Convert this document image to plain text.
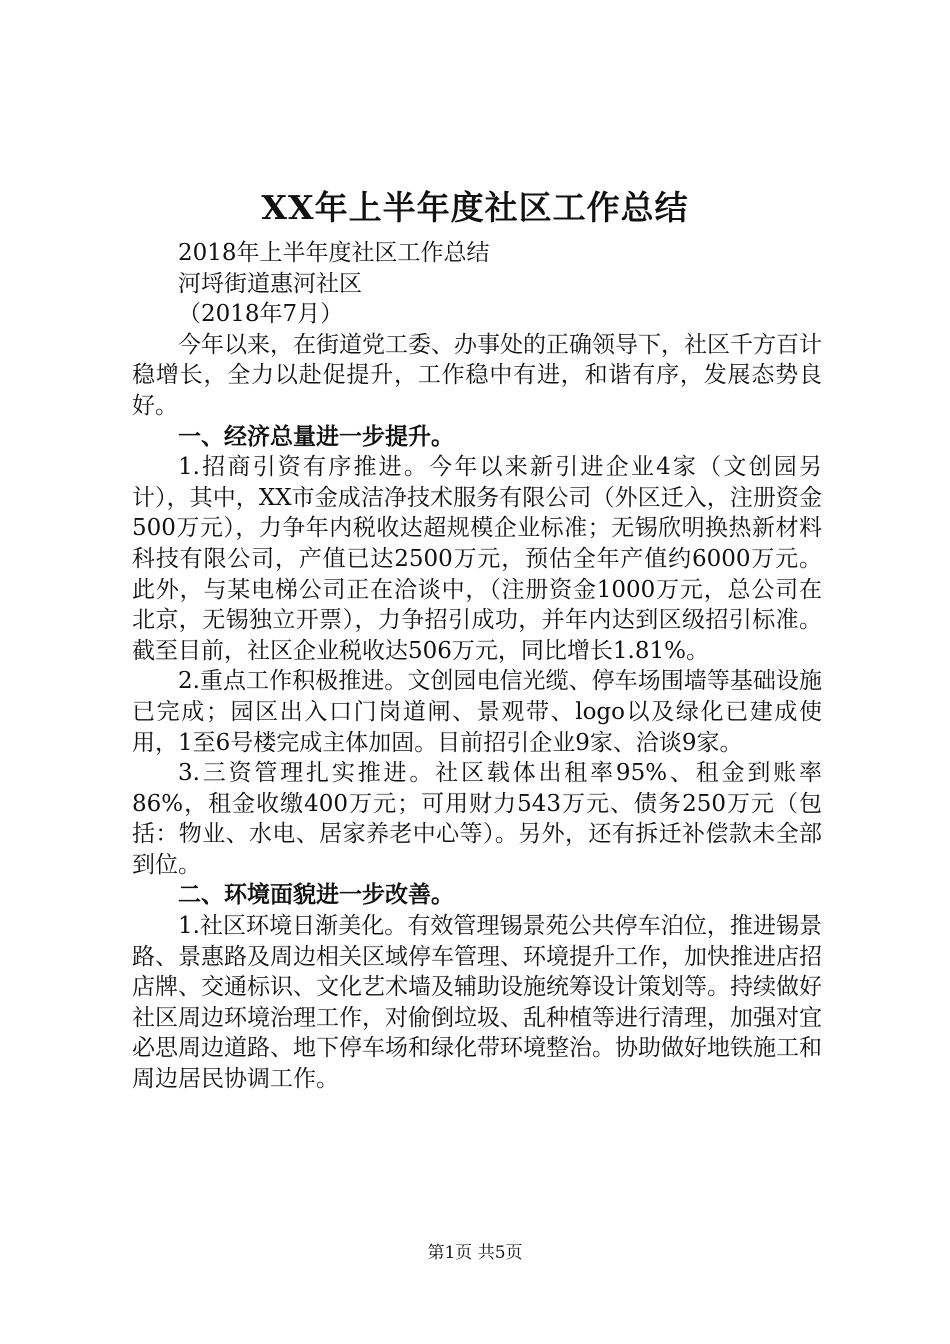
XX年上半年度社区工作总结

2018年上半年度社区工作总结

河埒街道惠河社区

（2018年7月）

今年以来，在街道党工委、办事处的正确领导下，社区千方百计稳增长，全力以赴促提升，工作稳中有进，和谐有序，发展态势良好。

一、经济总量进一步提升。

1.招商引资有序推进。今年以来新引进企业4家（文创园另计），其中，XX市金成洁净技术服务有限公司（外区迁入，注册资金500万元），力争年内税收达超规模企业标准；无锡欣明换热新材料科技有限公司，产值已达2500万元，预估全年产值约6000万元。此外，与某电梯公司正在洽谈中，（注册资金1000万元，总公司在北京，无锡独立开票），力争招引成功，并年内达到区级招引标准。截至目前，社区企业税收达506万元，同比增长1.81%。

2.重点工作积极推进。文创园电信光缆、停车场围墙等基础设施已完成；园区出入口门岗道闸、景观带、logo以及绿化已建成使用，1至6号楼完成主体加固。目前招引企业9家、洽谈9家。

3.三资管理扎实推进。社区载体出租率95%、租金到账率86%，租金收缴400万元；可用财力543万元、债务250万元（包括：物业、水电、居家养老中心等）。另外，还有拆迁补偿款未全部到位。

二、环境面貌进一步改善。

1.社区环境日渐美化。有效管理锡景苑公共停车泊位，推进锡景路、景惠路及周边相关区域停车管理、环境提升工作，加快推进店招店牌、交通标识、文化艺术墙及辅助设施统筹设计策划等。持续做好社区周边环境治理工作，对偷倒垃圾、乱种植等进行清理，加强对宜必思周边道路、地下停车场和绿化带环境整治。协助做好地铁施工和周边居民协调工作。

第1页 共5页
